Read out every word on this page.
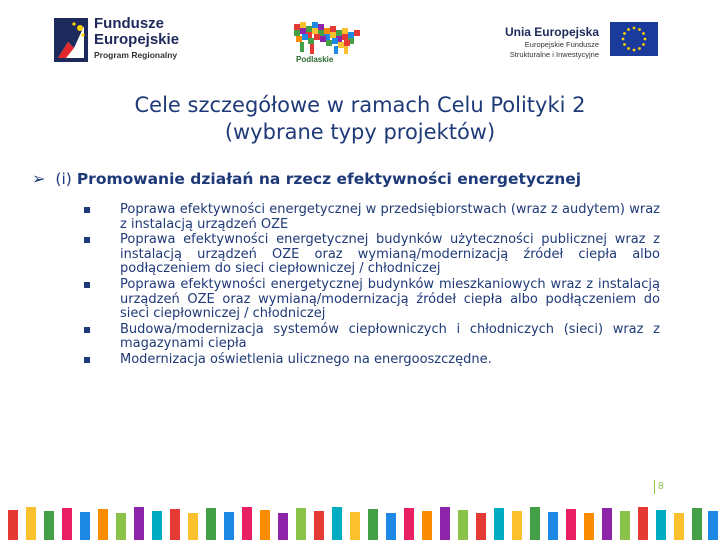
Fundusze
Europejskie
Program Regionalny	Podlaskie
Unia Europejska
Europejskie Fundusze
Strukturalne i Inwestycyjne
Cele szczegółowe w ramach Celu Polityki 2
(wybrane typy projektów)
➢ (i) Promowanie działań na rzecz efektywności energetycznej
Poprawa efektywności energetycznej w przedsiębiorstwach (wraz z audytem) wraz z instalacją urządzeń OZE
Poprawa efektywności energetycznej budynków użyteczności publicznej wraz z instalacją urządzeń OZE oraz wymianą/modernizacją źródeł ciepła albo podłączeniem do sieci ciepłowniczej / chłodniczej
Poprawa efektywności energetycznej budynków mieszkaniowych wraz z instalacją urządzeń OZE oraz wymianą/modernizacją źródeł ciepła albo podłączeniem do sieci ciepłowniczej / chłodniczej
Budowa/modernizacja systemów ciepłowniczych i chłodniczych (sieci) wraz z magazynami ciepła
Modernizacja oświetlenia ulicznego na energooszczędne.
8
